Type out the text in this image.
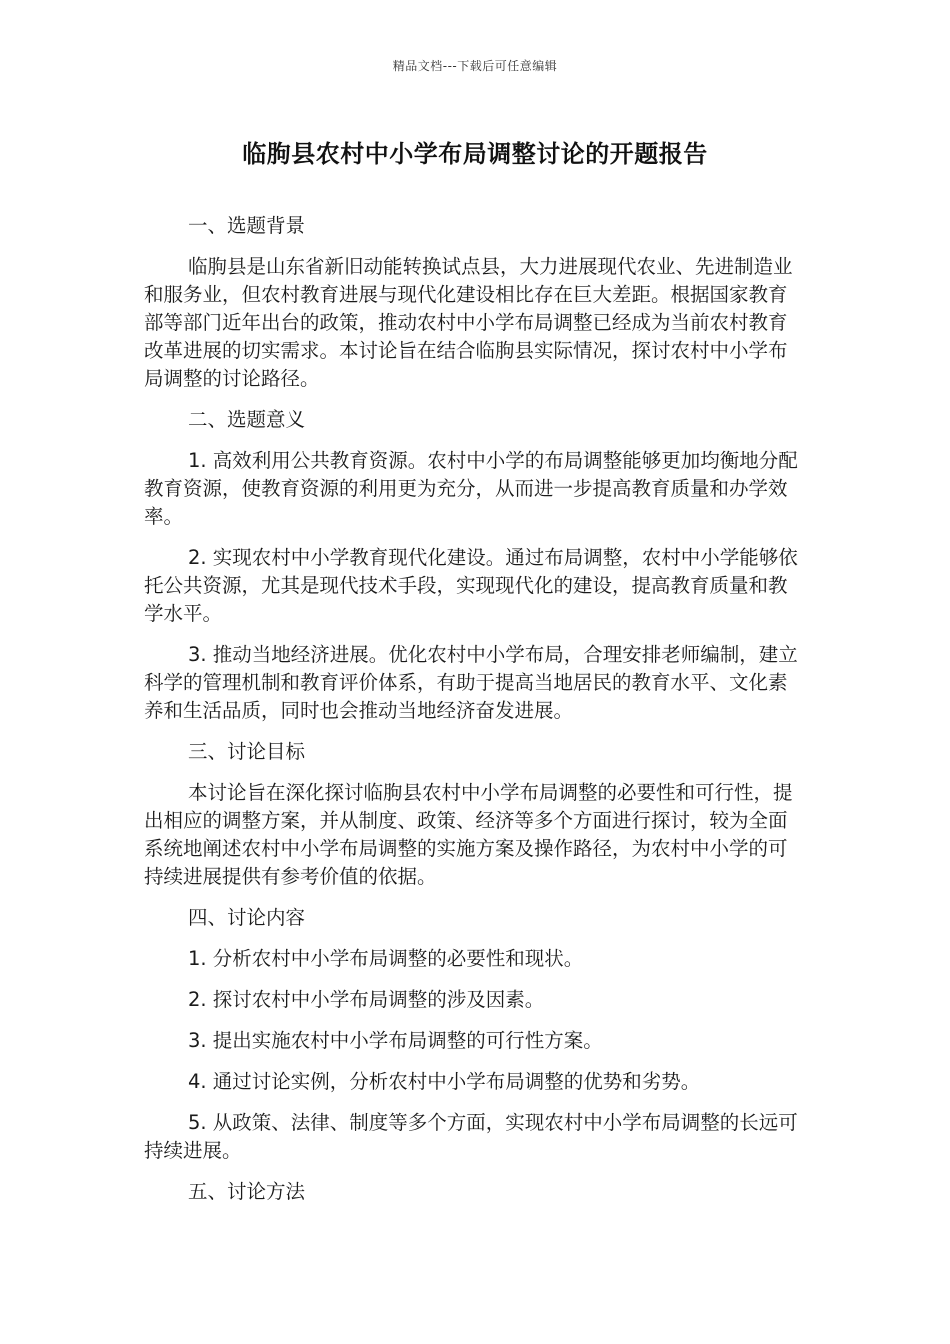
精品文档---下载后可任意编辑
临朐县农村中小学布局调整讨论的开题报告

一、选题背景

临朐县是山东省新旧动能转换试点县，大力进展现代农业、先进制造业和服务业，但农村教育进展与现代化建设相比存在巨大差距。根据国家教育部等部门近年出台的政策，推动农村中小学布局调整已经成为当前农村教育改革进展的切实需求。本讨论旨在结合临朐县实际情况，探讨农村中小学布局调整的讨论路径。

二、选题意义

1. 高效利用公共教育资源。农村中小学的布局调整能够更加均衡地分配教育资源，使教育资源的利用更为充分，从而进一步提高教育质量和办学效率。

2. 实现农村中小学教育现代化建设。通过布局调整，农村中小学能够依托公共资源，尤其是现代技术手段，实现现代化的建设，提高教育质量和教学水平。

3. 推动当地经济进展。优化农村中小学布局，合理安排老师编制，建立科学的管理机制和教育评价体系，有助于提高当地居民的教育水平、文化素养和生活品质，同时也会推动当地经济奋发进展。

三、讨论目标

本讨论旨在深化探讨临朐县农村中小学布局调整的必要性和可行性，提出相应的调整方案，并从制度、政策、经济等多个方面进行探讨，较为全面系统地阐述农村中小学布局调整的实施方案及操作路径，为农村中小学的可持续进展提供有参考价值的依据。

四、讨论内容

1. 分析农村中小学布局调整的必要性和现状。

2. 探讨农村中小学布局调整的涉及因素。

3. 提出实施农村中小学布局调整的可行性方案。

4. 通过讨论实例，分析农村中小学布局调整的优势和劣势。

5. 从政策、法律、制度等多个方面，实现农村中小学布局调整的长远可持续进展。

五、讨论方法
